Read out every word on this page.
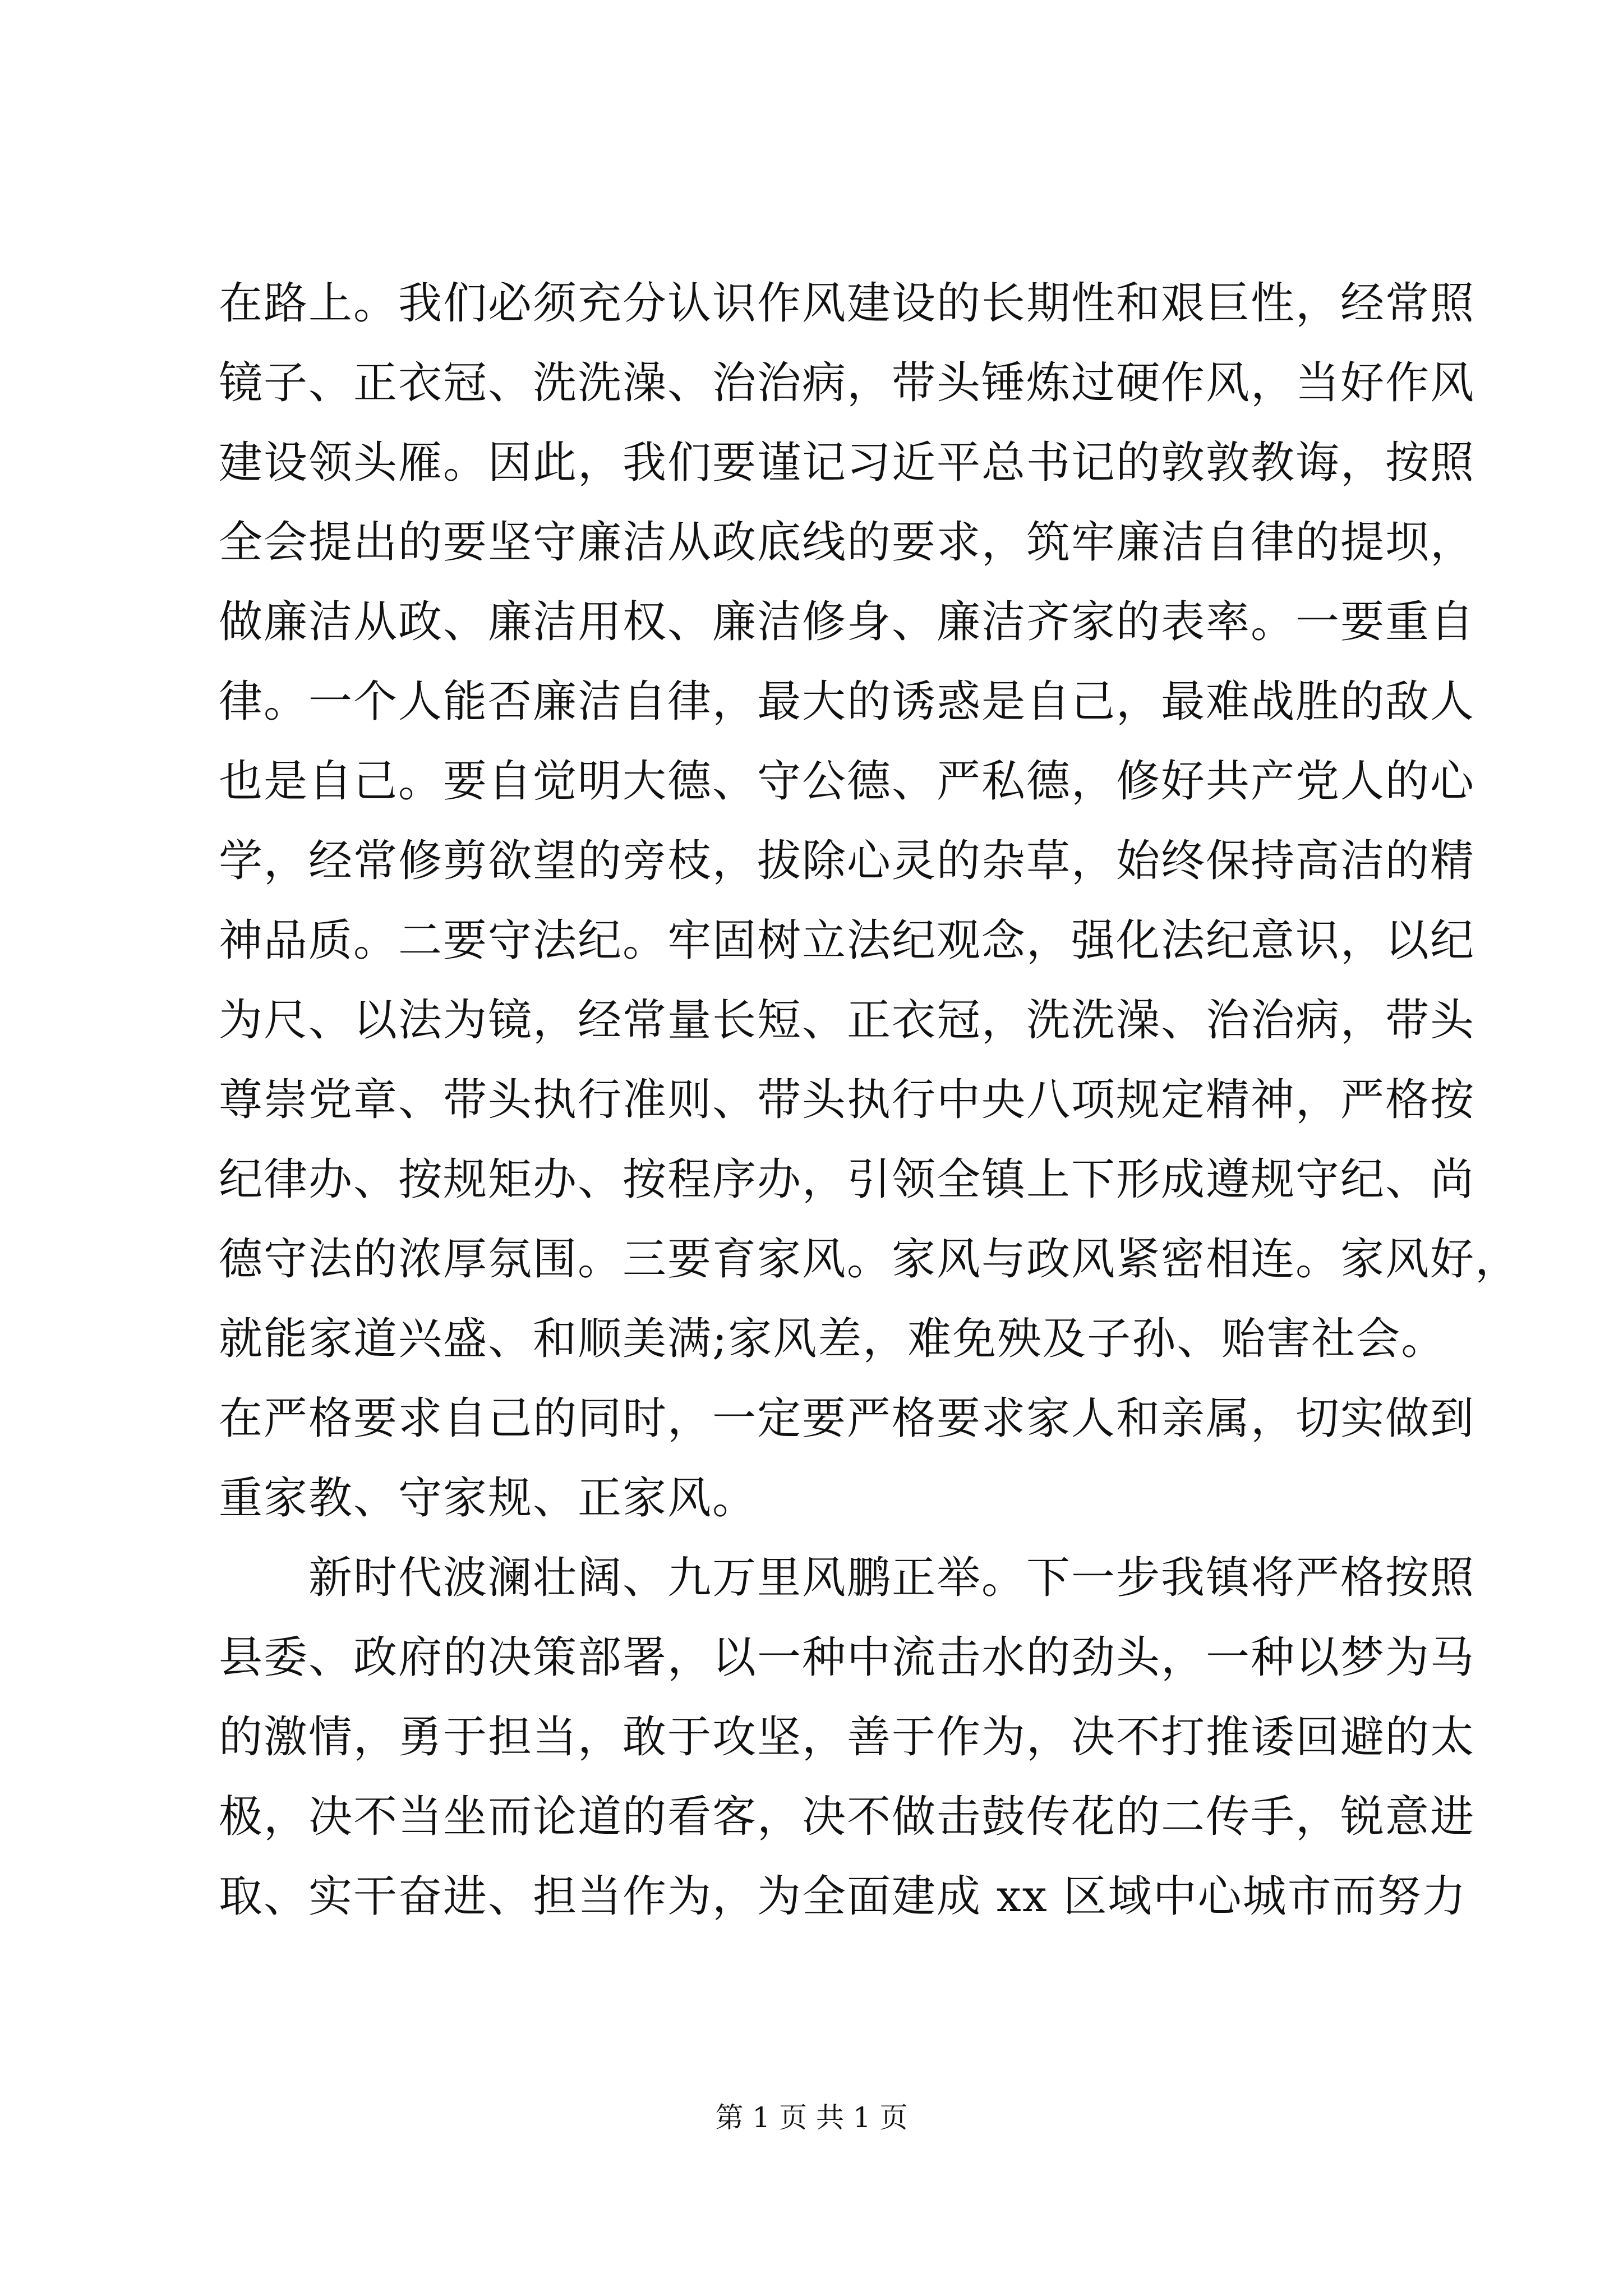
在路上。我们必须充分认识作风建设的长期性和艰巨性，经常照
镜子、正衣冠、洗洗澡、治治病，带头锤炼过硬作风，当好作风
建设领头雁。因此，我们要谨记习近平总书记的敦敦教诲，按照
全会提出的要坚守廉洁从政底线的要求，筑牢廉洁自律的提坝，
做廉洁从政、廉洁用权、廉洁修身、廉洁齐家的表率。一要重自
律。一个人能否廉洁自律，最大的诱惑是自己，最难战胜的敌人
也是自己。要自觉明大德、守公德、严私德，修好共产党人的心
学，经常修剪欲望的旁枝，拔除心灵的杂草，始终保持高洁的精
神品质。二要守法纪。牢固树立法纪观念，强化法纪意识，以纪
为尺、以法为镜，经常量长短、正衣冠，洗洗澡、治治病，带头
尊崇党章、带头执行准则、带头执行中央八项规定精神，严格按
纪律办、按规矩办、按程序办，引领全镇上下形成遵规守纪、尚
德守法的浓厚氛围。三要育家风。家风与政风紧密相连。家风好，
就能家道兴盛、和顺美满;家风差，难免殃及子孙、贻害社会。
在严格要求自己的同时，一定要严格要求家人和亲属，切实做到
重家教、守家规、正家风。
新时代波澜壮阔、九万里风鹏正举。下一步我镇将严格按照
县委、政府的决策部署，以一种中流击水的劲头，一种以梦为马
的激情，勇于担当，敢于攻坚，善于作为，决不打推诿回避的太
极，决不当坐而论道的看客，决不做击鼓传花的二传手，锐意进
取、实干奋进、担当作为，为全面建成 xx 区域中心城市而努力
第 1 页 共 1 页
